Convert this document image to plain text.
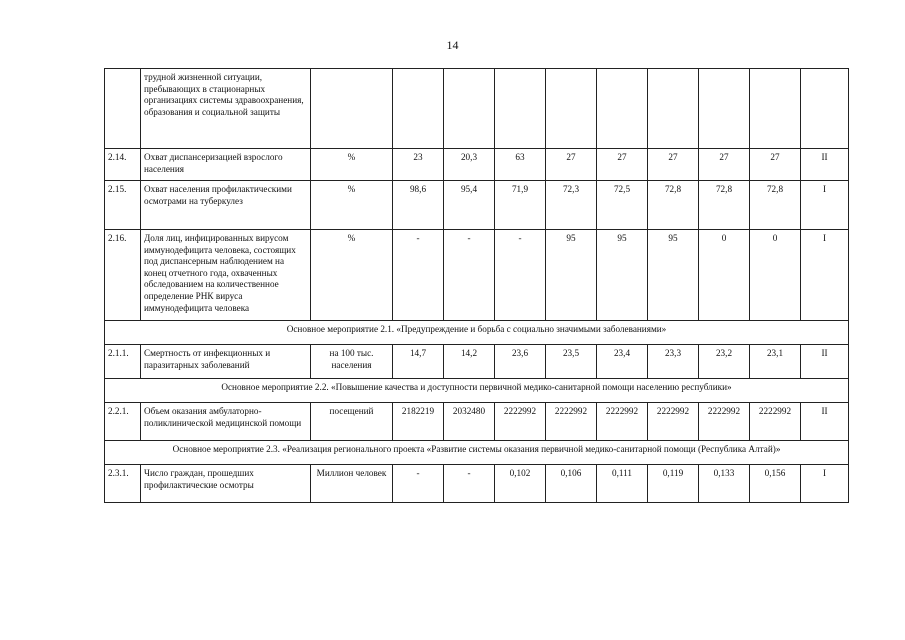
14
	трудной жизненной ситуации, пребывающих в стационарных организациях системы здравоохранения, образования и социальной защиты										
2.14.	Охват диспансеризацией взрослого населения	%	23	20,3	63	27	27	27	27	27	II
2.15.	Охват населения профилактическими осмотрами на туберкулез	%	98,6	95,4	71,9	72,3	72,5	72,8	72,8	72,8	I
2.16.	Доля лиц, инфицированных вирусом иммунодефицита человека, состоящих под диспансерным наблюдением на конец отчетного года, охваченных обследованием на количественное определение РНК вируса иммунодефицита человека	%	-	-	-	95	95	95	0	0	I
Основное мероприятие 2.1. «Предупреждение и борьба с социально значимыми заболеваниями»											
2.1.1.	Смертность от инфекционных и паразитарных заболеваний	на 100 тыс. населения	14,7	14,2	23,6	23,5	23,4	23,3	23,2	23,1	II
Основное мероприятие 2.2. «Повышение качества и доступности первичной медико-санитарной помощи населению республики»											
2.2.1.	Объем оказания амбулаторно-поликлинической медицинской помощи	посещений	2182219	2032480	2222992	2222992	2222992	2222992	2222992	2222992	II
Основное мероприятие 2.3. «Реализация регионального проекта «Развитие системы оказания первичной медико-санитарной помощи (Республика Алтай)»											
2.3.1.	Число граждан, прошедших профилактические осмотры	Миллион человек	-	-	0,102	0,106	0,111	0,119	0,133	0,156	I
